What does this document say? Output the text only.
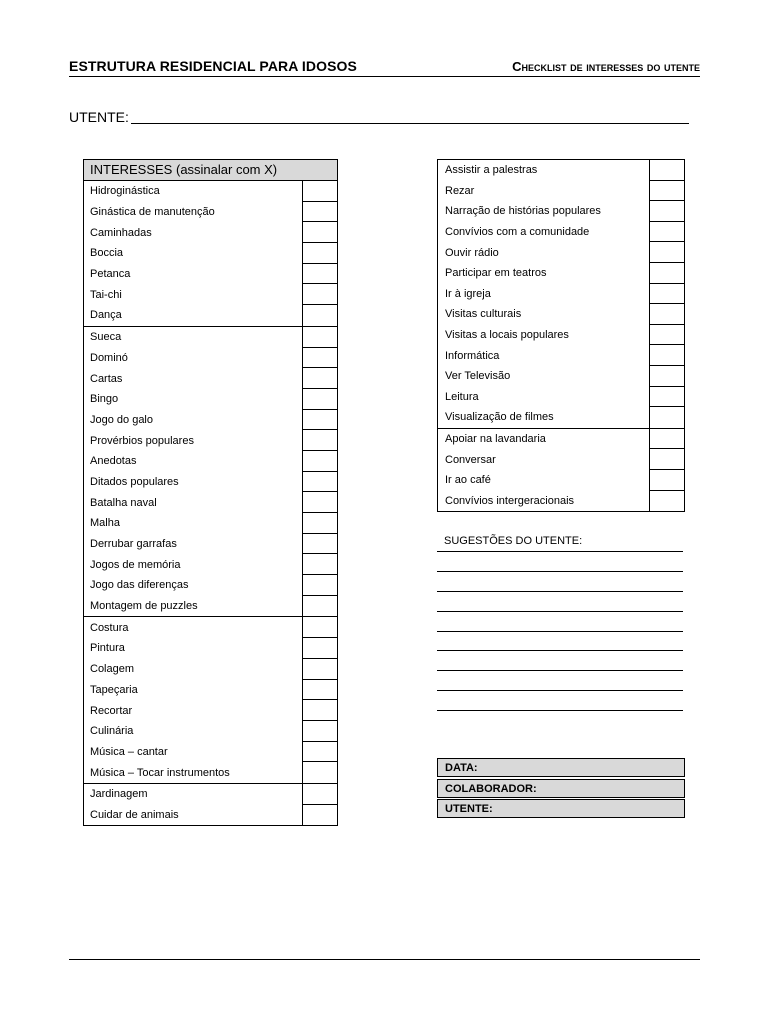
ESTRUTURA RESIDENCIAL PARA IDOSOS	Checklist de interesses do utente
UTENTE:
INTERESSES (assinalar com X)
Hidroginástica
Ginástica de manutenção
Caminhadas
Boccia
Petanca
Tai-chi
Dança
Sueca
Dominó
Cartas
Bingo
Jogo do galo
Provérbios populares
Anedotas
Ditados populares
Batalha naval
Malha
Derrubar garrafas
Jogos de memória
Jogo das diferenças
Montagem de puzzles
Costura
Pintura
Colagem
Tapeçaria
Recortar
Culinária
Música – cantar
Música – Tocar instrumentos
Jardinagem
Cuidar de animais
Assistir a palestras
Rezar
Narração de histórias populares
Convívios com a comunidade
Ouvir rádio
Participar em teatros
Ir à igreja
Visitas culturais
Visitas a locais populares
Informática
Ver Televisão
Leitura
Visualização de filmes
Apoiar na lavandaria
Conversar
Ir ao café
Convívios intergeracionais
SUGESTÕES DO UTENTE:
DATA:
COLABORADOR:
UTENTE:
